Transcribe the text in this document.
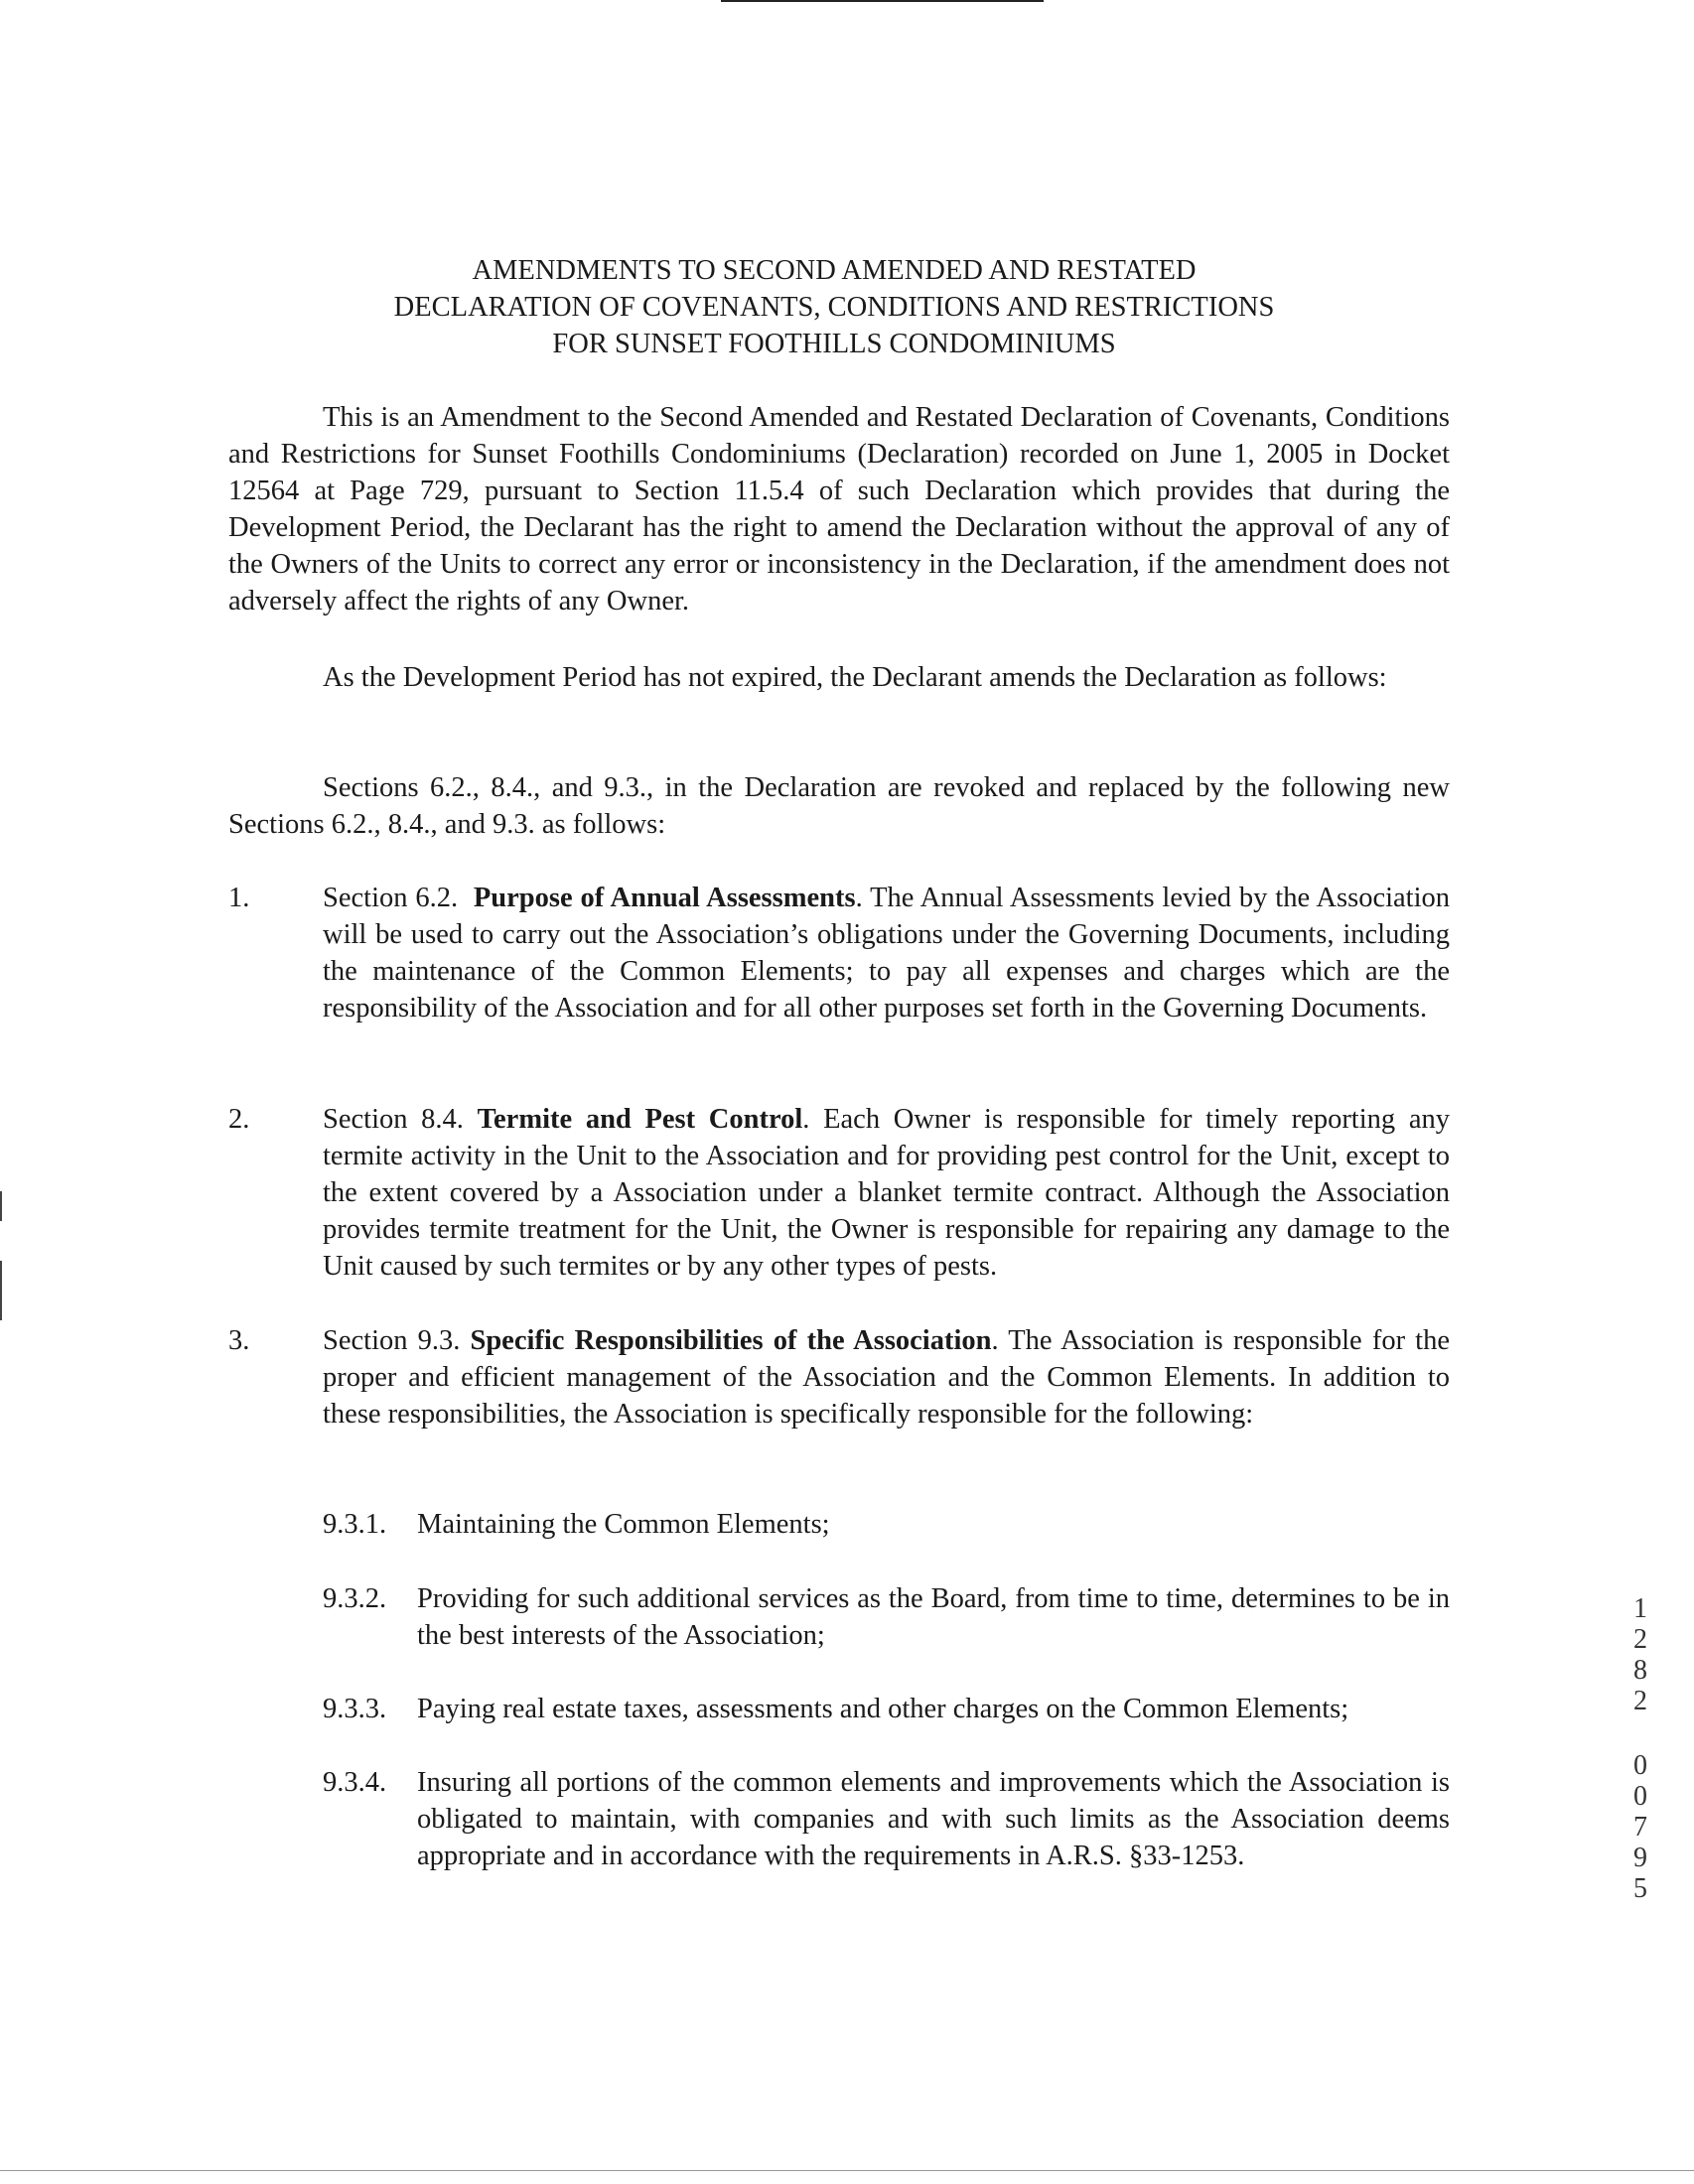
AMENDMENTS TO SECOND AMENDED AND RESTATED
DECLARATION OF COVENANTS, CONDITIONS AND RESTRICTIONS
FOR SUNSET FOOTHILLS CONDOMINIUMS
This is an Amendment to the Second Amended and Restated Declaration of Covenants, Conditions and Restrictions for Sunset Foothills Condominiums (Declaration) recorded on June 1, 2005 in Docket 12564 at Page 729, pursuant to Section 11.5.4 of such Declaration which provides that during the Development Period, the Declarant has the right to amend the Declaration without the approval of any of the Owners of the Units to correct any error or inconsistency in the Declaration, if the amendment does not adversely affect the rights of any Owner.
As the Development Period has not expired, the Declarant amends the Declaration as follows:
Sections 6.2., 8.4., and 9.3., in the Declaration are revoked and replaced by the following new Sections 6.2., 8.4., and 9.3. as follows:
1.	Section 6.2. Purpose of Annual Assessments. The Annual Assessments levied by the Association will be used to carry out the Association’s obligations under the Governing Documents, including the maintenance of the Common Elements; to pay all expenses and charges which are the responsibility of the Association and for all other purposes set forth in the Governing Documents.
2.	Section 8.4. Termite and Pest Control. Each Owner is responsible for timely reporting any termite activity in the Unit to the Association and for providing pest control for the Unit, except to the extent covered by a Association under a blanket termite contract. Although the Association provides termite treatment for the Unit, the Owner is responsible for repairing any damage to the Unit caused by such termites or by any other types of pests.
3.	Section 9.3. Specific Responsibilities of the Association. The Association is responsible for the proper and efficient management of the Association and the Common Elements. In addition to these responsibilities, the Association is specifically responsible for the following:
9.3.1. Maintaining the Common Elements;
9.3.2. Providing for such additional services as the Board, from time to time, determines to be in the best interests of the Association;
9.3.3. Paying real estate taxes, assessments and other charges on the Common Elements;
9.3.4. Insuring all portions of the common elements and improvements which the Association is obligated to maintain, with companies and with such limits as the Association deems appropriate and in accordance with the requirements in A.R.S. §33-1253.
1
2
8
2
0
0
7
9
5
